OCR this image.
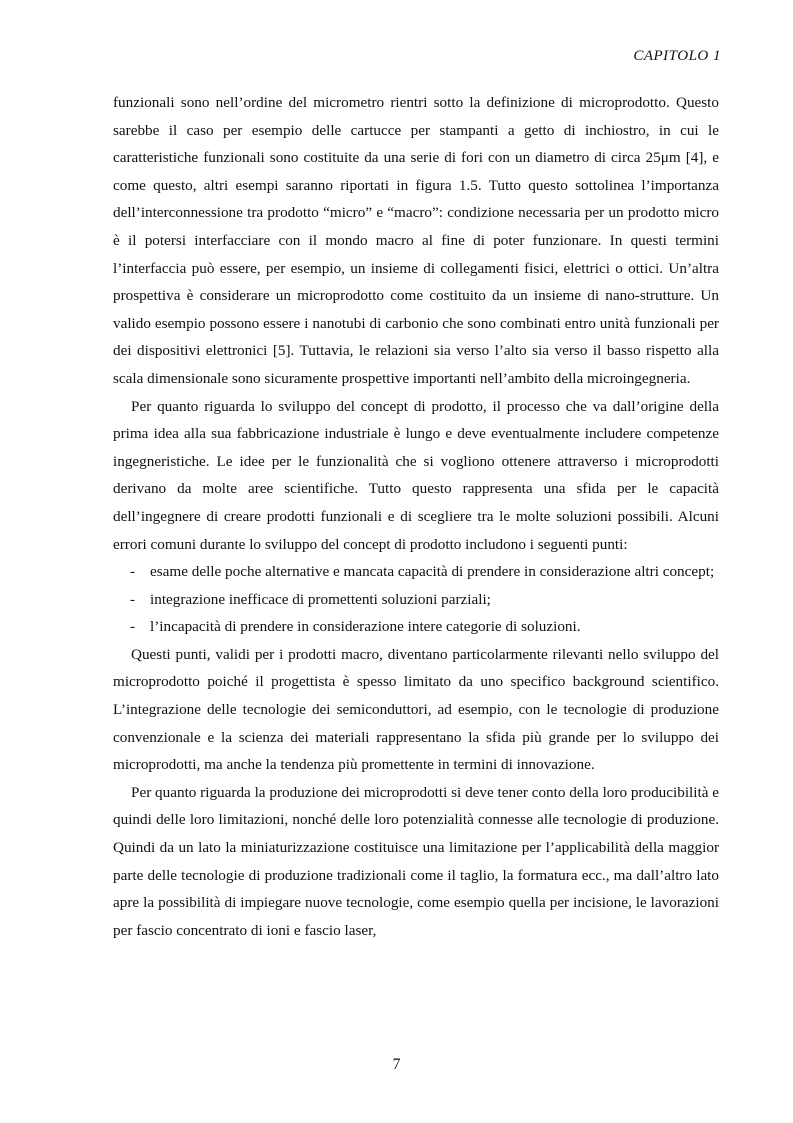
CAPITOLO 1

funzionali sono nell’ordine del micrometro rientri sotto la definizione di microprodotto. Questo sarebbe il caso per esempio delle cartucce per stampanti a getto di inchiostro, in cui le caratteristiche funzionali sono costituite da una serie di fori con un diametro di circa 25μm [4], e come questo, altri esempi saranno riportati in figura 1.5. Tutto questo sottolinea l’importanza dell’interconnessione tra prodotto “micro” e “macro”: condizione necessaria per un prodotto micro è il potersi interfacciare con il mondo macro al fine di poter funzionare. In questi termini l’interfaccia può essere, per esempio, un insieme di collegamenti fisici, elettrici o ottici. Un’altra prospettiva è considerare un microprodotto come costituito da un insieme di nano-strutture. Un valido esempio possono essere i nanotubi di carbonio che sono combinati entro unità funzionali per dei dispositivi elettronici [5]. Tuttavia, le relazioni sia verso l’alto sia verso il basso rispetto alla scala dimensionale sono sicuramente prospettive importanti nell’ambito della microingegneria.

Per quanto riguarda lo sviluppo del concept di prodotto, il processo che va dall’origine della prima idea alla sua fabbricazione industriale è lungo e deve eventualmente includere competenze ingegneristiche. Le idee per le funzionalità che si vogliono ottenere attraverso i microprodotti derivano da molte aree scientifiche. Tutto questo rappresenta una sfida per le capacità dell’ingegnere di creare prodotti funzionali e di scegliere tra le molte soluzioni possibili. Alcuni errori comuni durante lo sviluppo del concept di prodotto includono i seguenti punti:

- esame delle poche alternative e mancata capacità di prendere in considerazione altri concept;
- integrazione inefficace di promettenti soluzioni parziali;
- l’incapacità di prendere in considerazione intere categorie di soluzioni.

Questi punti, validi per i prodotti macro, diventano particolarmente rilevanti nello sviluppo del microprodotto poiché il progettista è spesso limitato da uno specifico background scientifico. L’integrazione delle tecnologie dei semiconduttori, ad esempio, con le tecnologie di produzione convenzionale e la scienza dei materiali rappresentano la sfida più grande per lo sviluppo dei microprodotti, ma anche la tendenza più promettente in termini di innovazione.

Per quanto riguarda la produzione dei microprodotti si deve tener conto della loro producibilità e quindi delle loro limitazioni, nonché delle loro potenzialità connesse alle tecnologie di produzione. Quindi da un lato la miniaturizzazione costituisce una limitazione per l’applicabilità della maggior parte delle tecnologie di produzione tradizionali come il taglio, la formatura ecc., ma dall’altro lato apre la possibilità di impiegare nuove tecnologie, come esempio quella per incisione, le lavorazioni per fascio concentrato di ioni e fascio laser,

7
